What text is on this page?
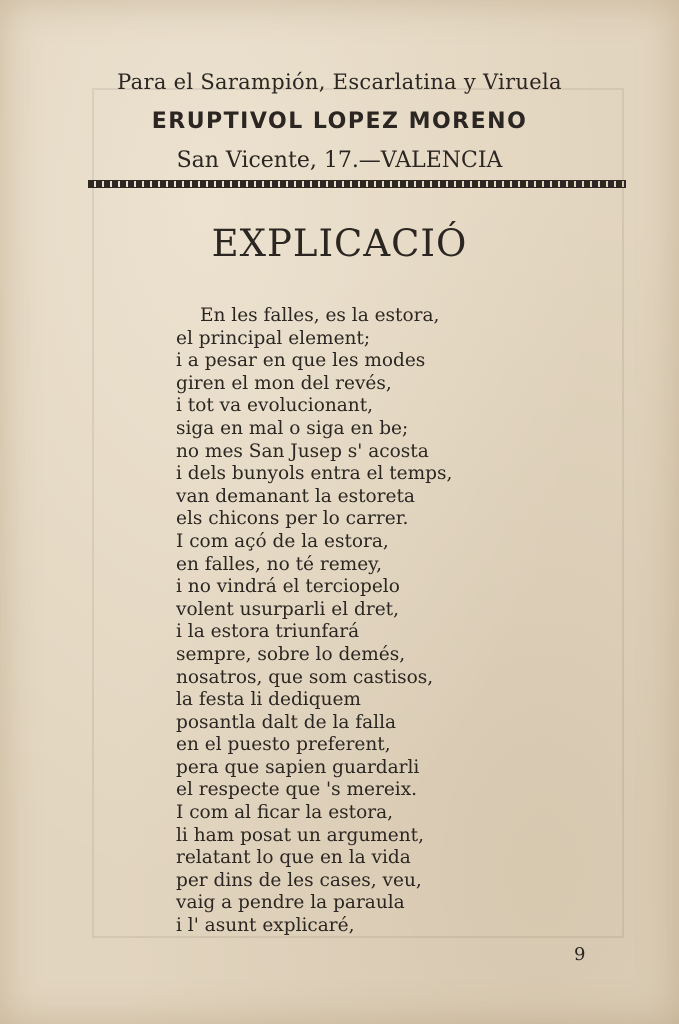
Para el Sarampión, Escarlatina y Viruela
ERUPTIVOL LOPEZ MORENO
San Vicente, 17.—VALENCIA
EXPLICACIÓ
En les falles, es la estora,
el principal element;
i a pesar en que les modes
giren el mon del revés,
i tot va evolucionant,
siga en mal o siga en be;
no mes San Jusep s' acosta
i dels bunyols entra el temps,
van demanant la estoreta
els chicons per lo carrer.
I com açó de la estora,
en falles, no té remey,
i no vindrá el terciopelo
volent usurparli el dret,
i la estora triunfará
sempre, sobre lo demés,
nosatros, que som castisos,
la festa li dediquem
posantla dalt de la falla
en el puesto preferent,
pera que sapien guardarli
el respecte que 's mereix.
I com al ficar la estora,
li ham posat un argument,
relatant lo que en la vida
per dins de les cases, veu,
vaig a pendre la paraula
i l' asunt explicaré,
9
